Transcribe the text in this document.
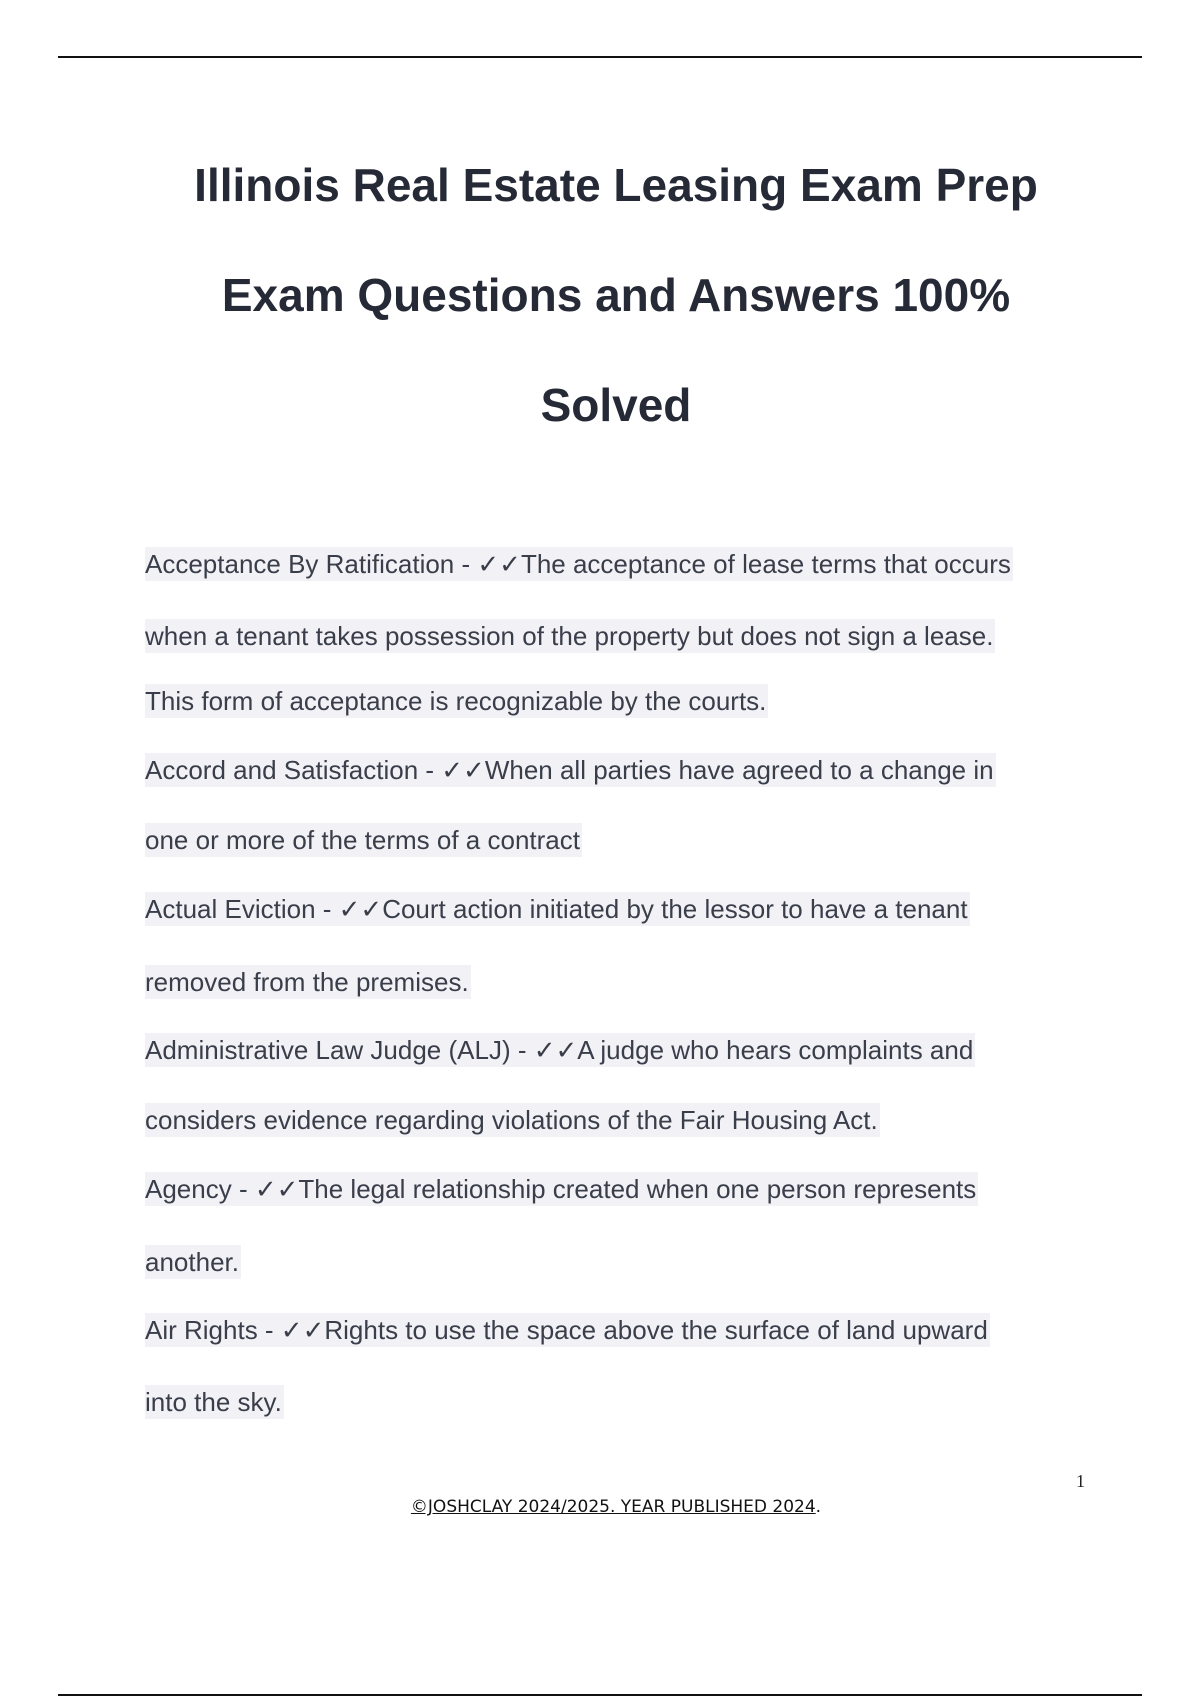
Illinois Real Estate Leasing Exam Prep
Exam Questions and Answers 100%
Solved
Acceptance By Ratification - ✓✓The acceptance of lease terms that occurs
when a tenant takes possession of the property but does not sign a lease.
This form of acceptance is recognizable by the courts.
Accord and Satisfaction - ✓✓When all parties have agreed to a change in
one or more of the terms of a contract
Actual Eviction - ✓✓Court action initiated by the lessor to have a tenant
removed from the premises.
Administrative Law Judge (ALJ) - ✓✓A judge who hears complaints and
considers evidence regarding violations of the Fair Housing Act.
Agency - ✓✓The legal relationship created when one person represents
another.
Air Rights - ✓✓Rights to use the space above the surface of land upward
into the sky.
1
©JOSHCLAY 2024/2025. YEAR PUBLISHED 2024.
